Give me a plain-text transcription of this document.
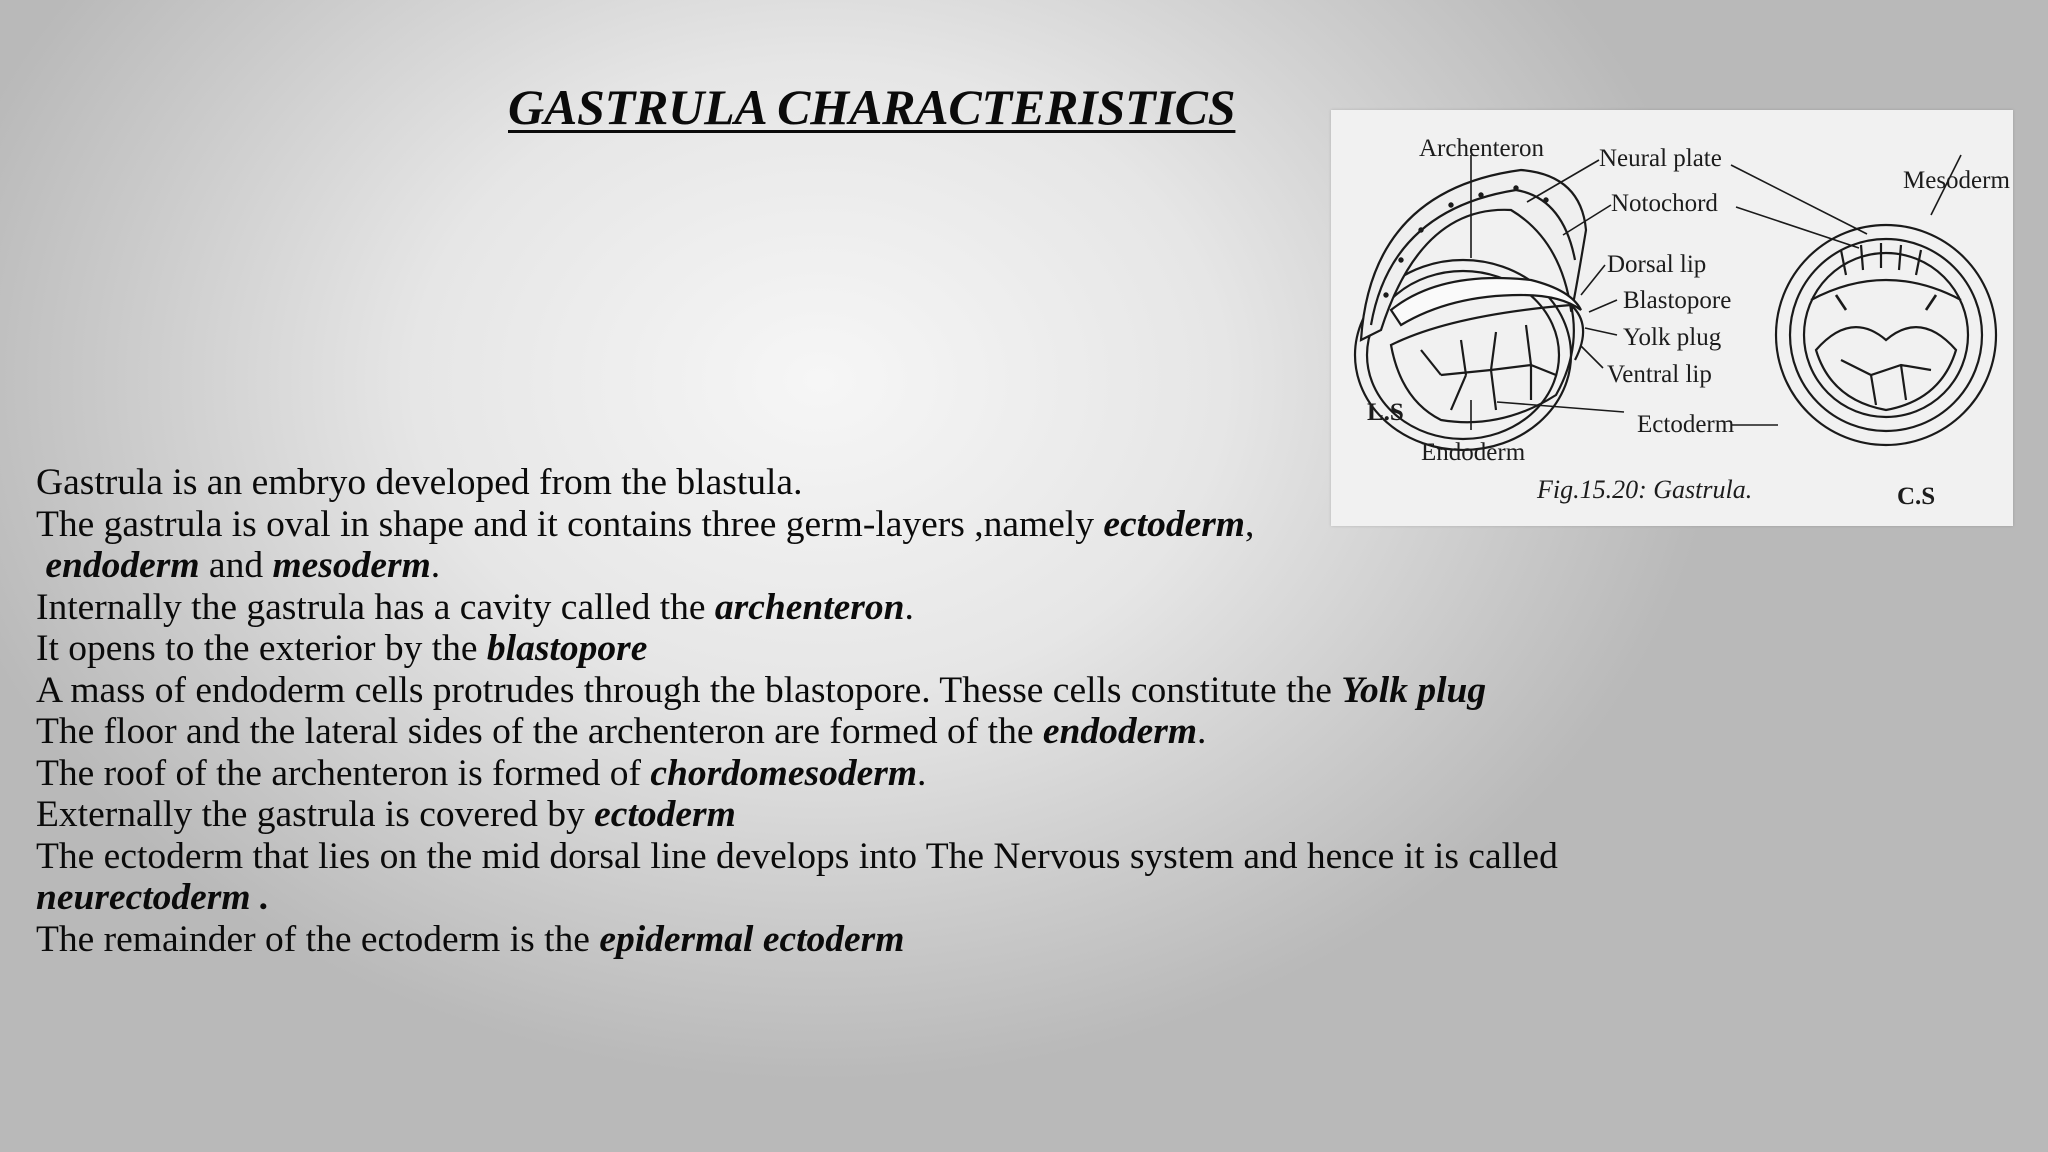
GASTRULA CHARACTERISTICS
Archenteron Neural plate
Notochord
Mesoderm
Dorsal lip
Blastopore
Yolk plug
Ventral lip
L.S	Ectoderm
Endoderm
Fig.15.20: Gastrula.	C.S
Gastrula is an embryo developed from the blastula.
The gastrula is oval in shape and it contains three germ-layers ,namely ectoderm,
endoderm and mesoderm.
Internally the gastrula has a cavity called the archenteron.
It opens to the exterior by the blastopore
A mass of endoderm cells protrudes through the blastopore. Thesse cells constitute the Yolk plug
The floor and the lateral sides of the archenteron are formed of the endoderm.
The roof of the archenteron is formed of chordomesoderm.
Externally the gastrula is covered by ectoderm
The ectoderm that lies on the mid dorsal line develops into The Nervous system and hence it is called
neurectoderm .
The remainder of the ectoderm is the epidermal ectoderm
